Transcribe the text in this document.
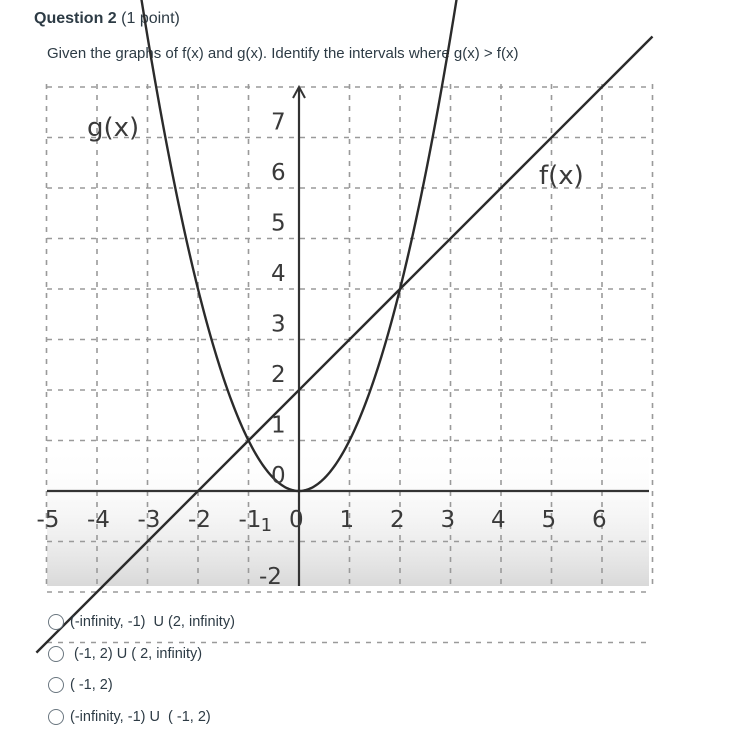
Question 2 (1 point)
Given the graphs of f(x) and g(x). Identify the intervals where g(x) > f(x)
-5 -4 -3 -2 -1 1 0 1 2 3 4 5 6
7
6
5
4
3
2
1
0
-2
g(x)
f(x)
(-infinity, -1)  U (2, infinity)
(-1, 2) U ( 2, infinity)
( -1, 2)
(-infinity, -1) U  ( -1, 2)
